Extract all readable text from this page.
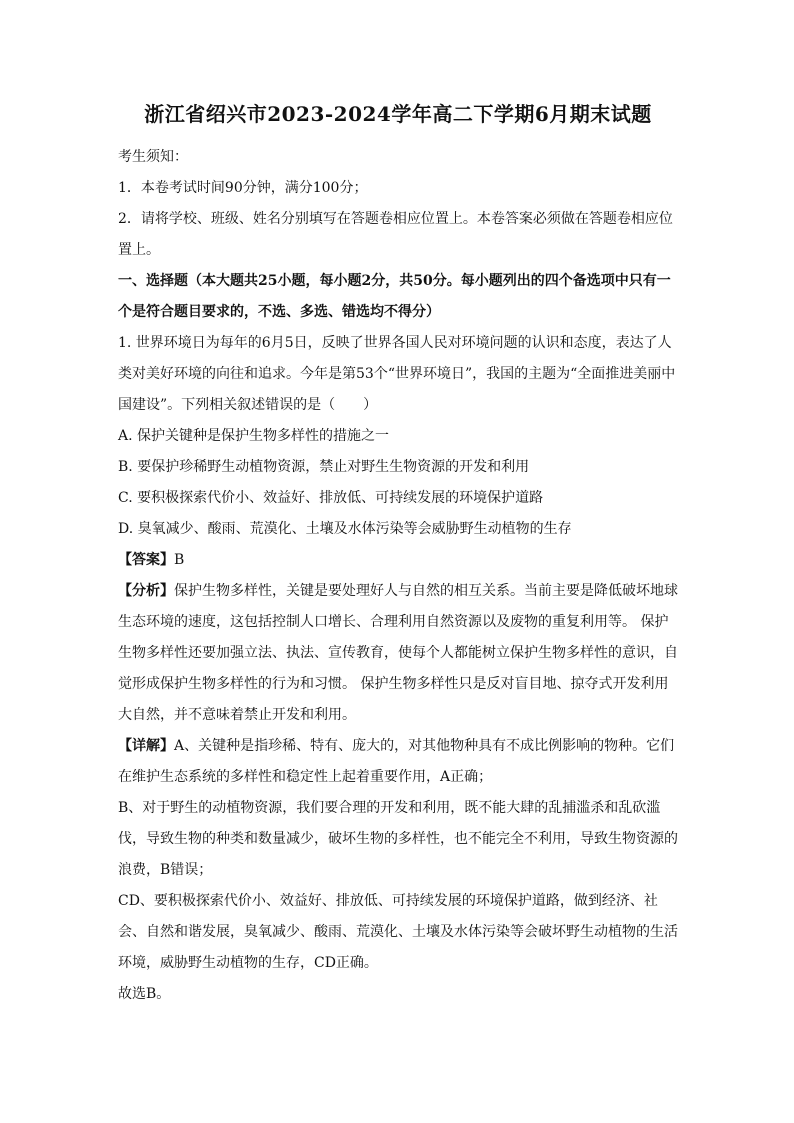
浙江省绍兴市2023-2024学年高二下学期6月期末试题

考生须知：

1．本卷考试时间90分钟，满分100分；

2．请将学校、班级、姓名分别填写在答题卷相应位置上。本卷答案必须做在答题卷相应位置上。

一、选择题（本大题共25小题，每小题2分，共50分。每小题列出的四个备选项中只有一个是符合题目要求的，不选、多选、错选均不得分）

1. 世界环境日为每年的6月5日，反映了世界各国人民对环境问题的认识和态度，表达了人类对美好环境的向往和追求。今年是第53个“世界环境日”，我国的主题为“全面推进美丽中国建设”。下列相关叙述错误的是（　　）

A. 保护关键种是保护生物多样性的措施之一

B. 要保护珍稀野生动植物资源，禁止对野生生物资源的开发和利用

C. 要积极探索代价小、效益好、排放低、可持续发展的环境保护道路

D. 臭氧减少、酸雨、荒漠化、土壤及水体污染等会威胁野生动植物的生存

【答案】B

【分析】保护生物多样性，关键是要处理好人与自然的相互关系。当前主要是降低破坏地球生态环境的速度，这包括控制人口增长、合理利用自然资源以及废物的重复利用等。 保护生物多样性还要加强立法、执法、宣传教育，使每个人都能树立保护生物多样性的意识，自觉形成保护生物多样性的行为和习惯。 保护生物多样性只是反对盲目地、掠夺式开发利用大自然，并不意味着禁止开发和利用。

【详解】A、关键种是指珍稀、特有、庞大的，对其他物种具有不成比例影响的物种。它们在维护生态系统的多样性和稳定性上起着重要作用，A正确；

B、对于野生的动植物资源，我们要合理的开发和利用，既不能大肆的乱捕滥杀和乱砍滥伐，导致生物的种类和数量减少，破坏生物的多样性，也不能完全不利用，导致生物资源的浪费，B错误；

CD、要积极探索代价小、效益好、排放低、可持续发展的环境保护道路，做到经济、社会、自然和谐发展，臭氧减少、酸雨、荒漠化、土壤及水体污染等会破坏野生动植物的生活环境，威胁野生动植物的生存，CD正确。

故选B。
